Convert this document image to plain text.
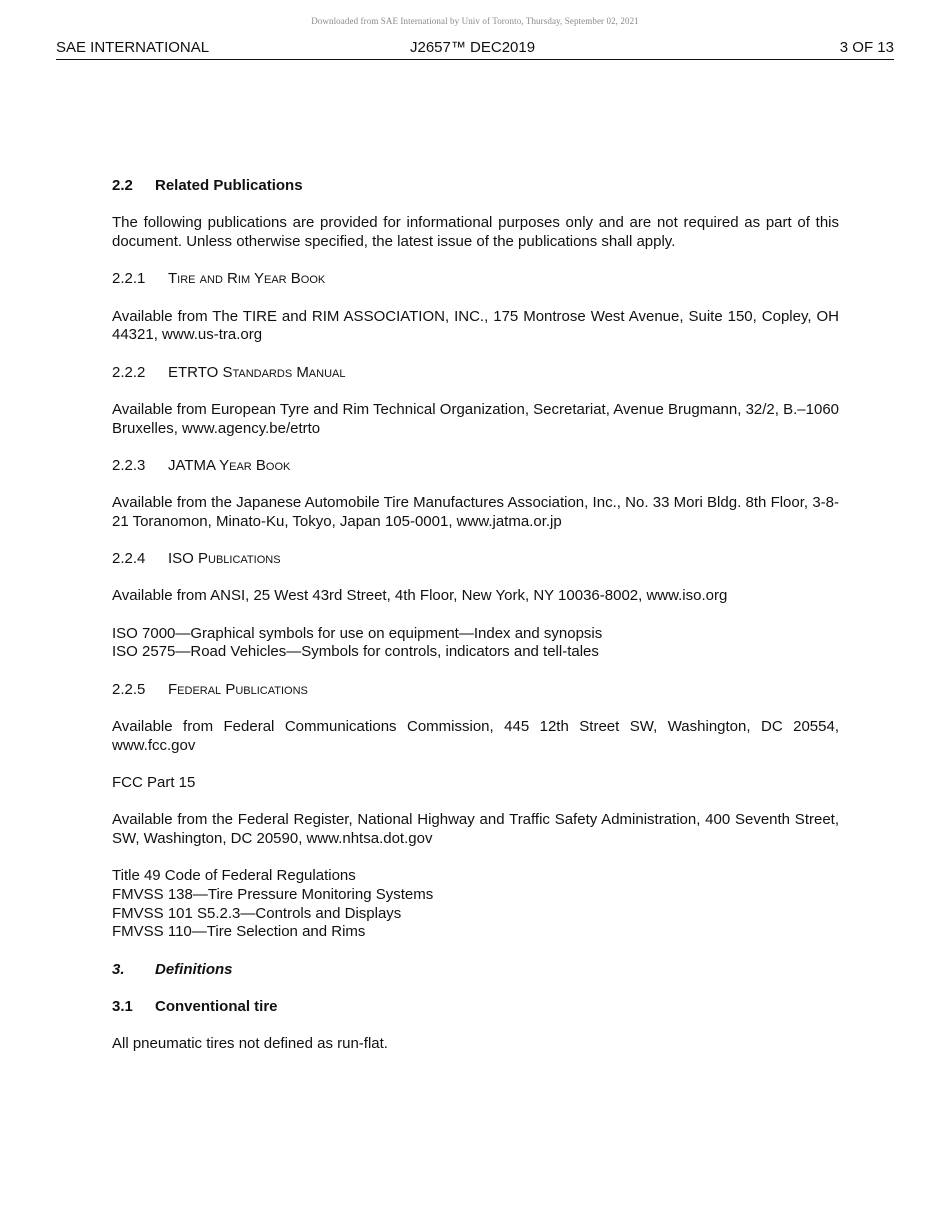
Downloaded from SAE International by Univ of Toronto, Thursday, September 02, 2021
SAE INTERNATIONAL	J2657™ DEC2019	3 OF 13

2.2 Related Publications

The following publications are provided for informational purposes only and are not required as part of this document. Unless otherwise specified, the latest issue of the publications shall apply.

2.2.1 Tire and Rim Year Book

Available from The TIRE and RIM ASSOCIATION, INC., 175 Montrose West Avenue, Suite 150, Copley, OH 44321, www.us-tra.org

2.2.2 ETRTO Standards Manual

Available from European Tyre and Rim Technical Organization, Secretariat, Avenue Brugmann, 32/2, B.–1060 Bruxelles, www.agency.be/etrto

2.2.3 JATMA Year Book

Available from the Japanese Automobile Tire Manufactures Association, Inc., No. 33 Mori Bldg. 8th Floor, 3-8-21 Toranomon, Minato-Ku, Tokyo, Japan 105-0001, www.jatma.or.jp

2.2.4 ISO Publications

Available from ANSI, 25 West 43rd Street, 4th Floor, New York, NY 10036-8002, www.iso.org

ISO 7000—Graphical symbols for use on equipment—Index and synopsis

ISO 2575—Road Vehicles—Symbols for controls, indicators and tell-tales

2.2.5 Federal Publications

Available from Federal Communications Commission, 445 12th Street SW, Washington, DC 20554, www.fcc.gov

FCC Part 15

Available from the Federal Register, National Highway and Traffic Safety Administration, 400 Seventh Street, SW, Washington, DC 20590, www.nhtsa.dot.gov

Title 49 Code of Federal Regulations

FMVSS 138—Tire Pressure Monitoring Systems

FMVSS 101 S5.2.3—Controls and Displays

FMVSS 110—Tire Selection and Rims

3. Definitions

3.1 Conventional tire

All pneumatic tires not defined as run-flat.
